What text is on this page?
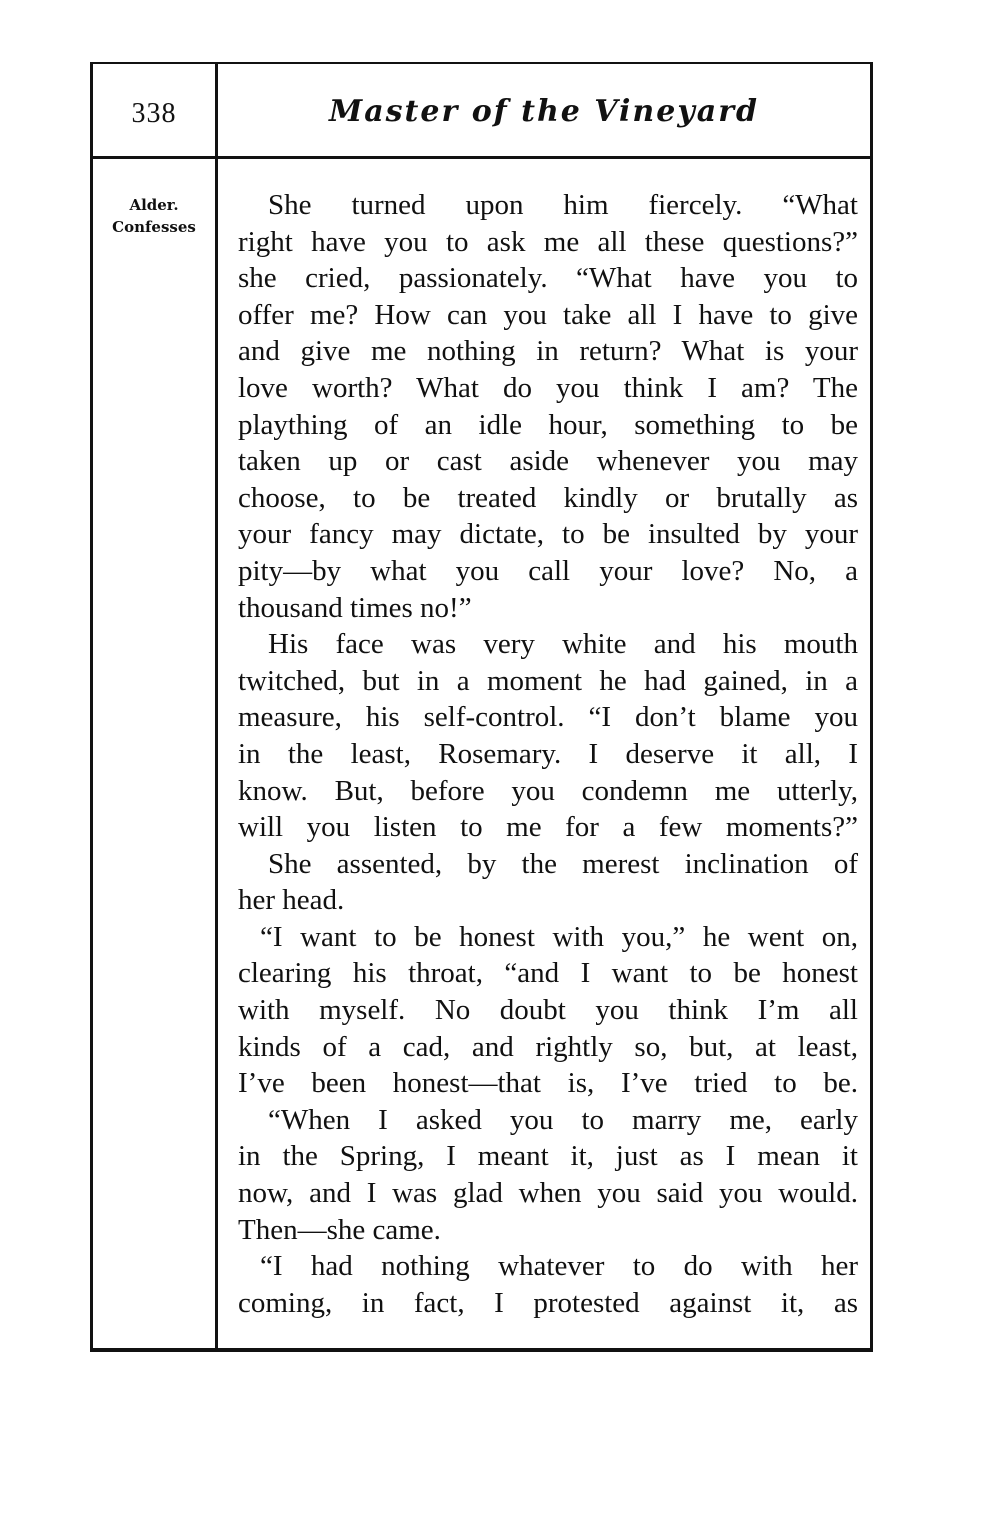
338	Master of the Vineyard
Alder.
Confesses
She turned upon him fiercely. “What
right have you to ask me all these questions?”
she cried, passionately. “What have you to
offer me? How can you take all I have to give
and give me nothing in return? What is your
love worth? What do you think I am? The
plaything of an idle hour, something to be
taken up or cast aside whenever you may
choose, to be treated kindly or brutally as
your fancy may dictate, to be insulted by your
pity—by what you call your love? No, a
thousand times no!”
His face was very white and his mouth
twitched, but in a moment he had gained, in a
measure, his self-control. “I don’t blame you
in the least, Rosemary. I deserve it all, I
know. But, before you condemn me utterly,
will you listen to me for a few moments?”
She assented, by the merest inclination of
her head.
“I want to be honest with you,” he went on,
clearing his throat, “and I want to be honest
with myself. No doubt you think I’m all
kinds of a cad, and rightly so, but, at least,
I’ve been honest—that is, I’ve tried to be.
“When I asked you to marry me, early
in the Spring, I meant it, just as I mean it
now, and I was glad when you said you would.
Then—she came.
“I had nothing whatever to do with her
coming, in fact, I protested against it, as
